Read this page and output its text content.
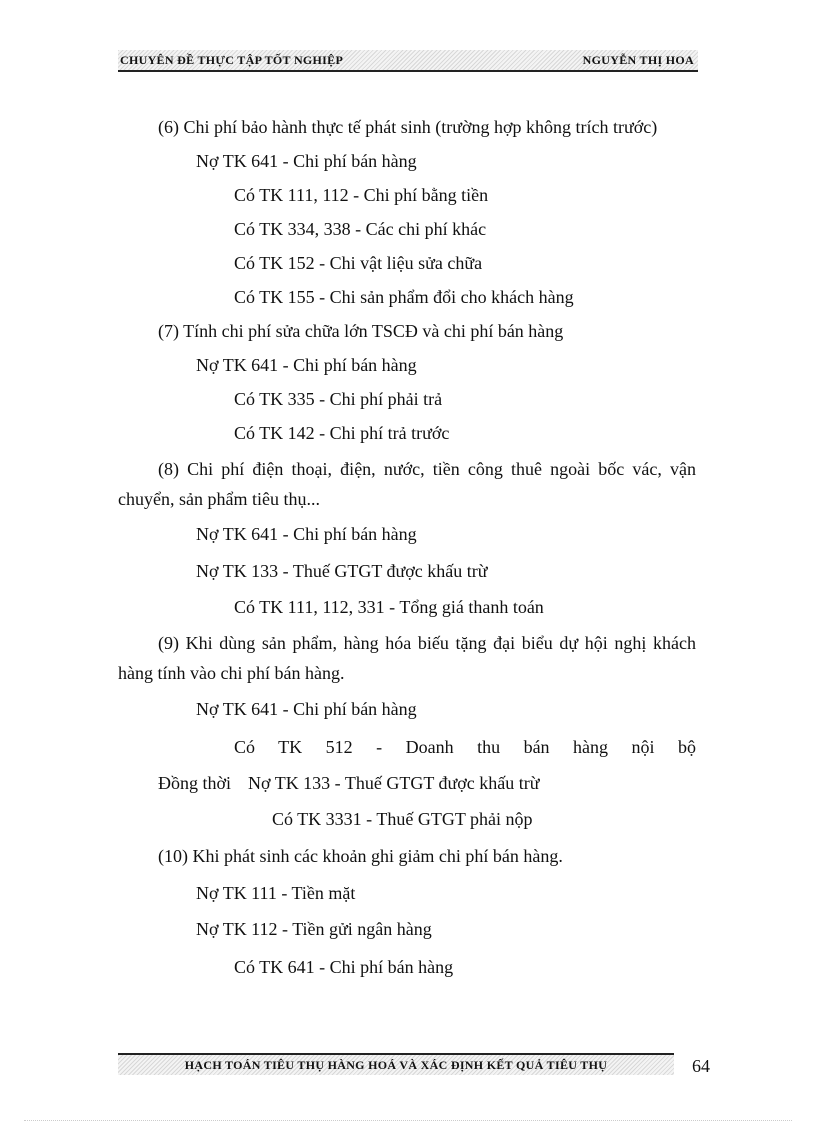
CHUYÊN ĐỀ THỰC TẬP TỐT NGHIỆP	NGUYỄN THỊ HOA
(6) Chi phí bảo hành thực tế phát sinh (trường hợp không trích trước)
Nợ TK 641 - Chi phí bán hàng
Có TK 111, 112 - Chi phí bằng tiền
Có TK 334, 338 - Các chi phí khác
Có TK 152 - Chi vật liệu sửa chữa
Có TK 155 - Chi sản phẩm đổi cho khách hàng
(7) Tính chi phí sửa chữa lớn TSCĐ và chi phí bán hàng
Nợ TK 641 - Chi phí bán hàng
Có TK 335 - Chi phí phải trả
Có TK 142 - Chi phí trả trước
(8) Chi phí điện thoại, điện, nước, tiền công thuê ngoài bốc vác, vận
chuyển, sản phẩm tiêu thụ...
Nợ TK 641 - Chi phí bán hàng
Nợ TK 133 - Thuế GTGT được khấu trừ
Có TK 111, 112, 331 - Tổng giá thanh toán
(9) Khi dùng sản phẩm, hàng hóa biếu tặng đại biểu dự hội nghị khách
hàng tính vào chi phí bán hàng.
Nợ TK 641 - Chi phí bán hàng
Có TK 512 - Doanh thu bán hàng nội bộ
Đồng thời Nợ TK 133 - Thuế GTGT được khấu trừ
Có TK 3331 - Thuế GTGT phải nộp
(10) Khi phát sinh các khoản ghi giảm chi phí bán hàng.
Nợ TK 111 - Tiền mặt
Nợ TK 112 - Tiền gửi ngân hàng
Có TK 641 - Chi phí bán hàng
HẠCH TOÁN TIÊU THỤ HÀNG HOÁ VÀ XÁC ĐỊNH KẾT QUẢ TIÊU THỤ	64
